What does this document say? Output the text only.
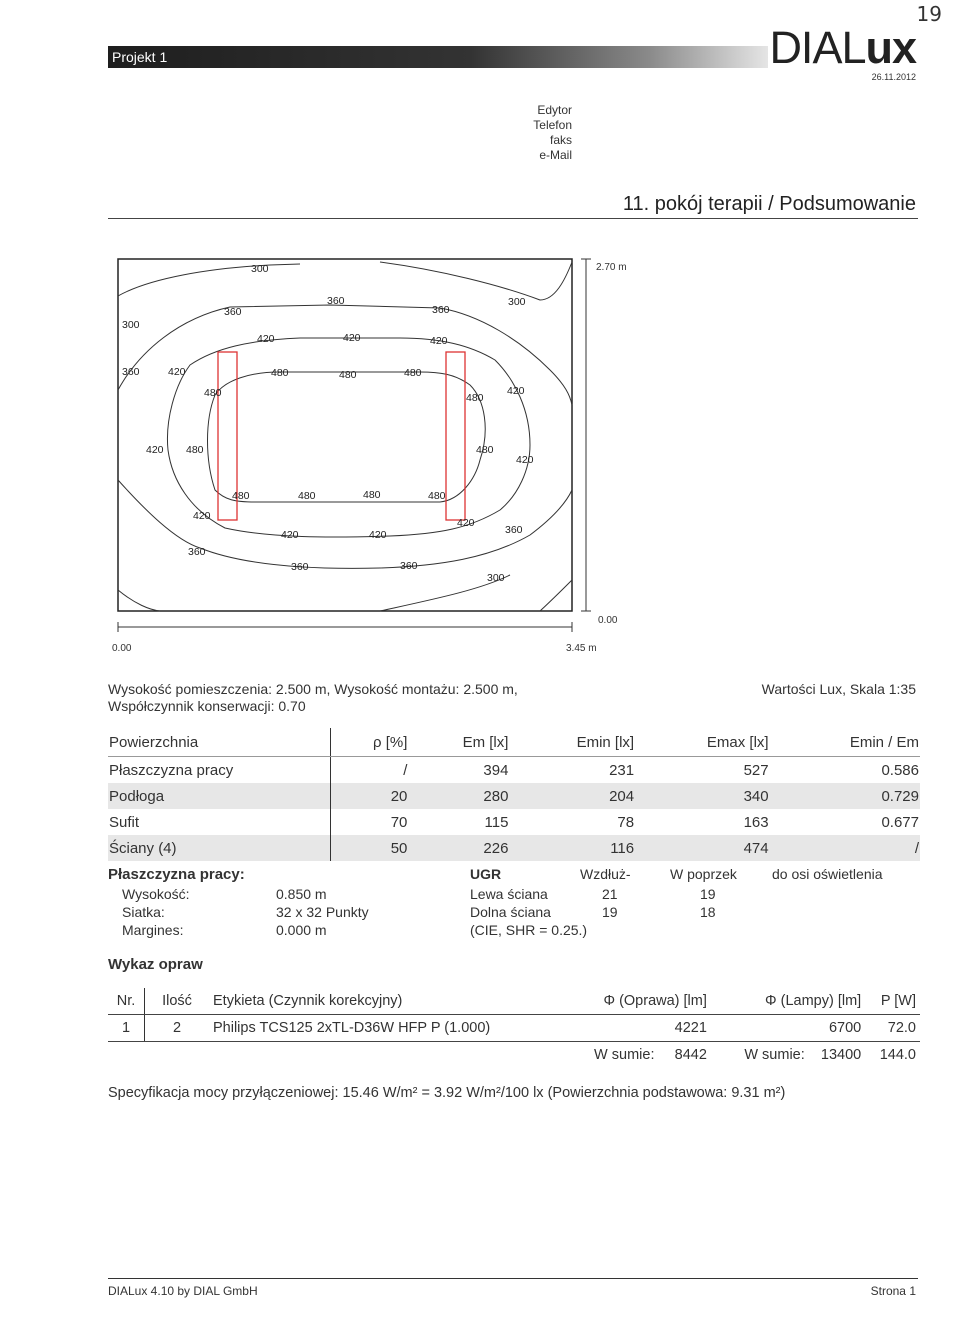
19
Projekt 1	DIALux
26.11.2012
Edytor
Telefon
faks
e-Mail
11. pokój terapii / Podsumowanie
300
360
360
360
300
300
420	420	420
360	420	480	480	480
480	480
420
420 480	480
420
480	480	480	480
420
420	420
420
360
360
360	360
300
2.70 m
0.00
0.00	3.45 m
Wysokość pomieszczenia: 2.500 m, Wysokość montażu: 2.500 m,
Współczynnik konserwacji: 0.70
Wartości Lux, Skala 1:35
Powierzchnia	ρ [%]	Em [lx]	Emin [lx]	Emax [lx]	Emin / Em
Płaszczyzna pracy	/	394	231	527	0.586
Podłoga	20	280	204	340	0.729
Sufit	70	115	78	163	0.677
Ściany (4)	50	226	116	474	/
Płaszczyzna pracy:
Wysokość:	0.850 m
Siatka:	32 x 32 Punkty
Margines:	0.000 m
UGR	Wzdłuż-	W poprzek	do osi oświetlenia
Lewa ściana	21	19
Dolna ściana	19	18
(CIE, SHR = 0.25.)
Wykaz opraw
Nr.	Ilość	Etykieta (Czynnik korekcyjny)	Φ (Oprawa) [lm]	Φ (Lampy) [lm]	P [W]
1	2	Philips TCS125 2xTL-D36W HFP P (1.000)	4221	6700	72.0
			W sumie: 8442	W sumie: 13400	144.0
Specyfikacja mocy przyłączeniowej: 15.46 W/m² = 3.92 W/m²/100 lx (Powierzchnia podstawowa: 9.31 m²)
DIALux 4.10 by DIAL GmbH	Strona 1
